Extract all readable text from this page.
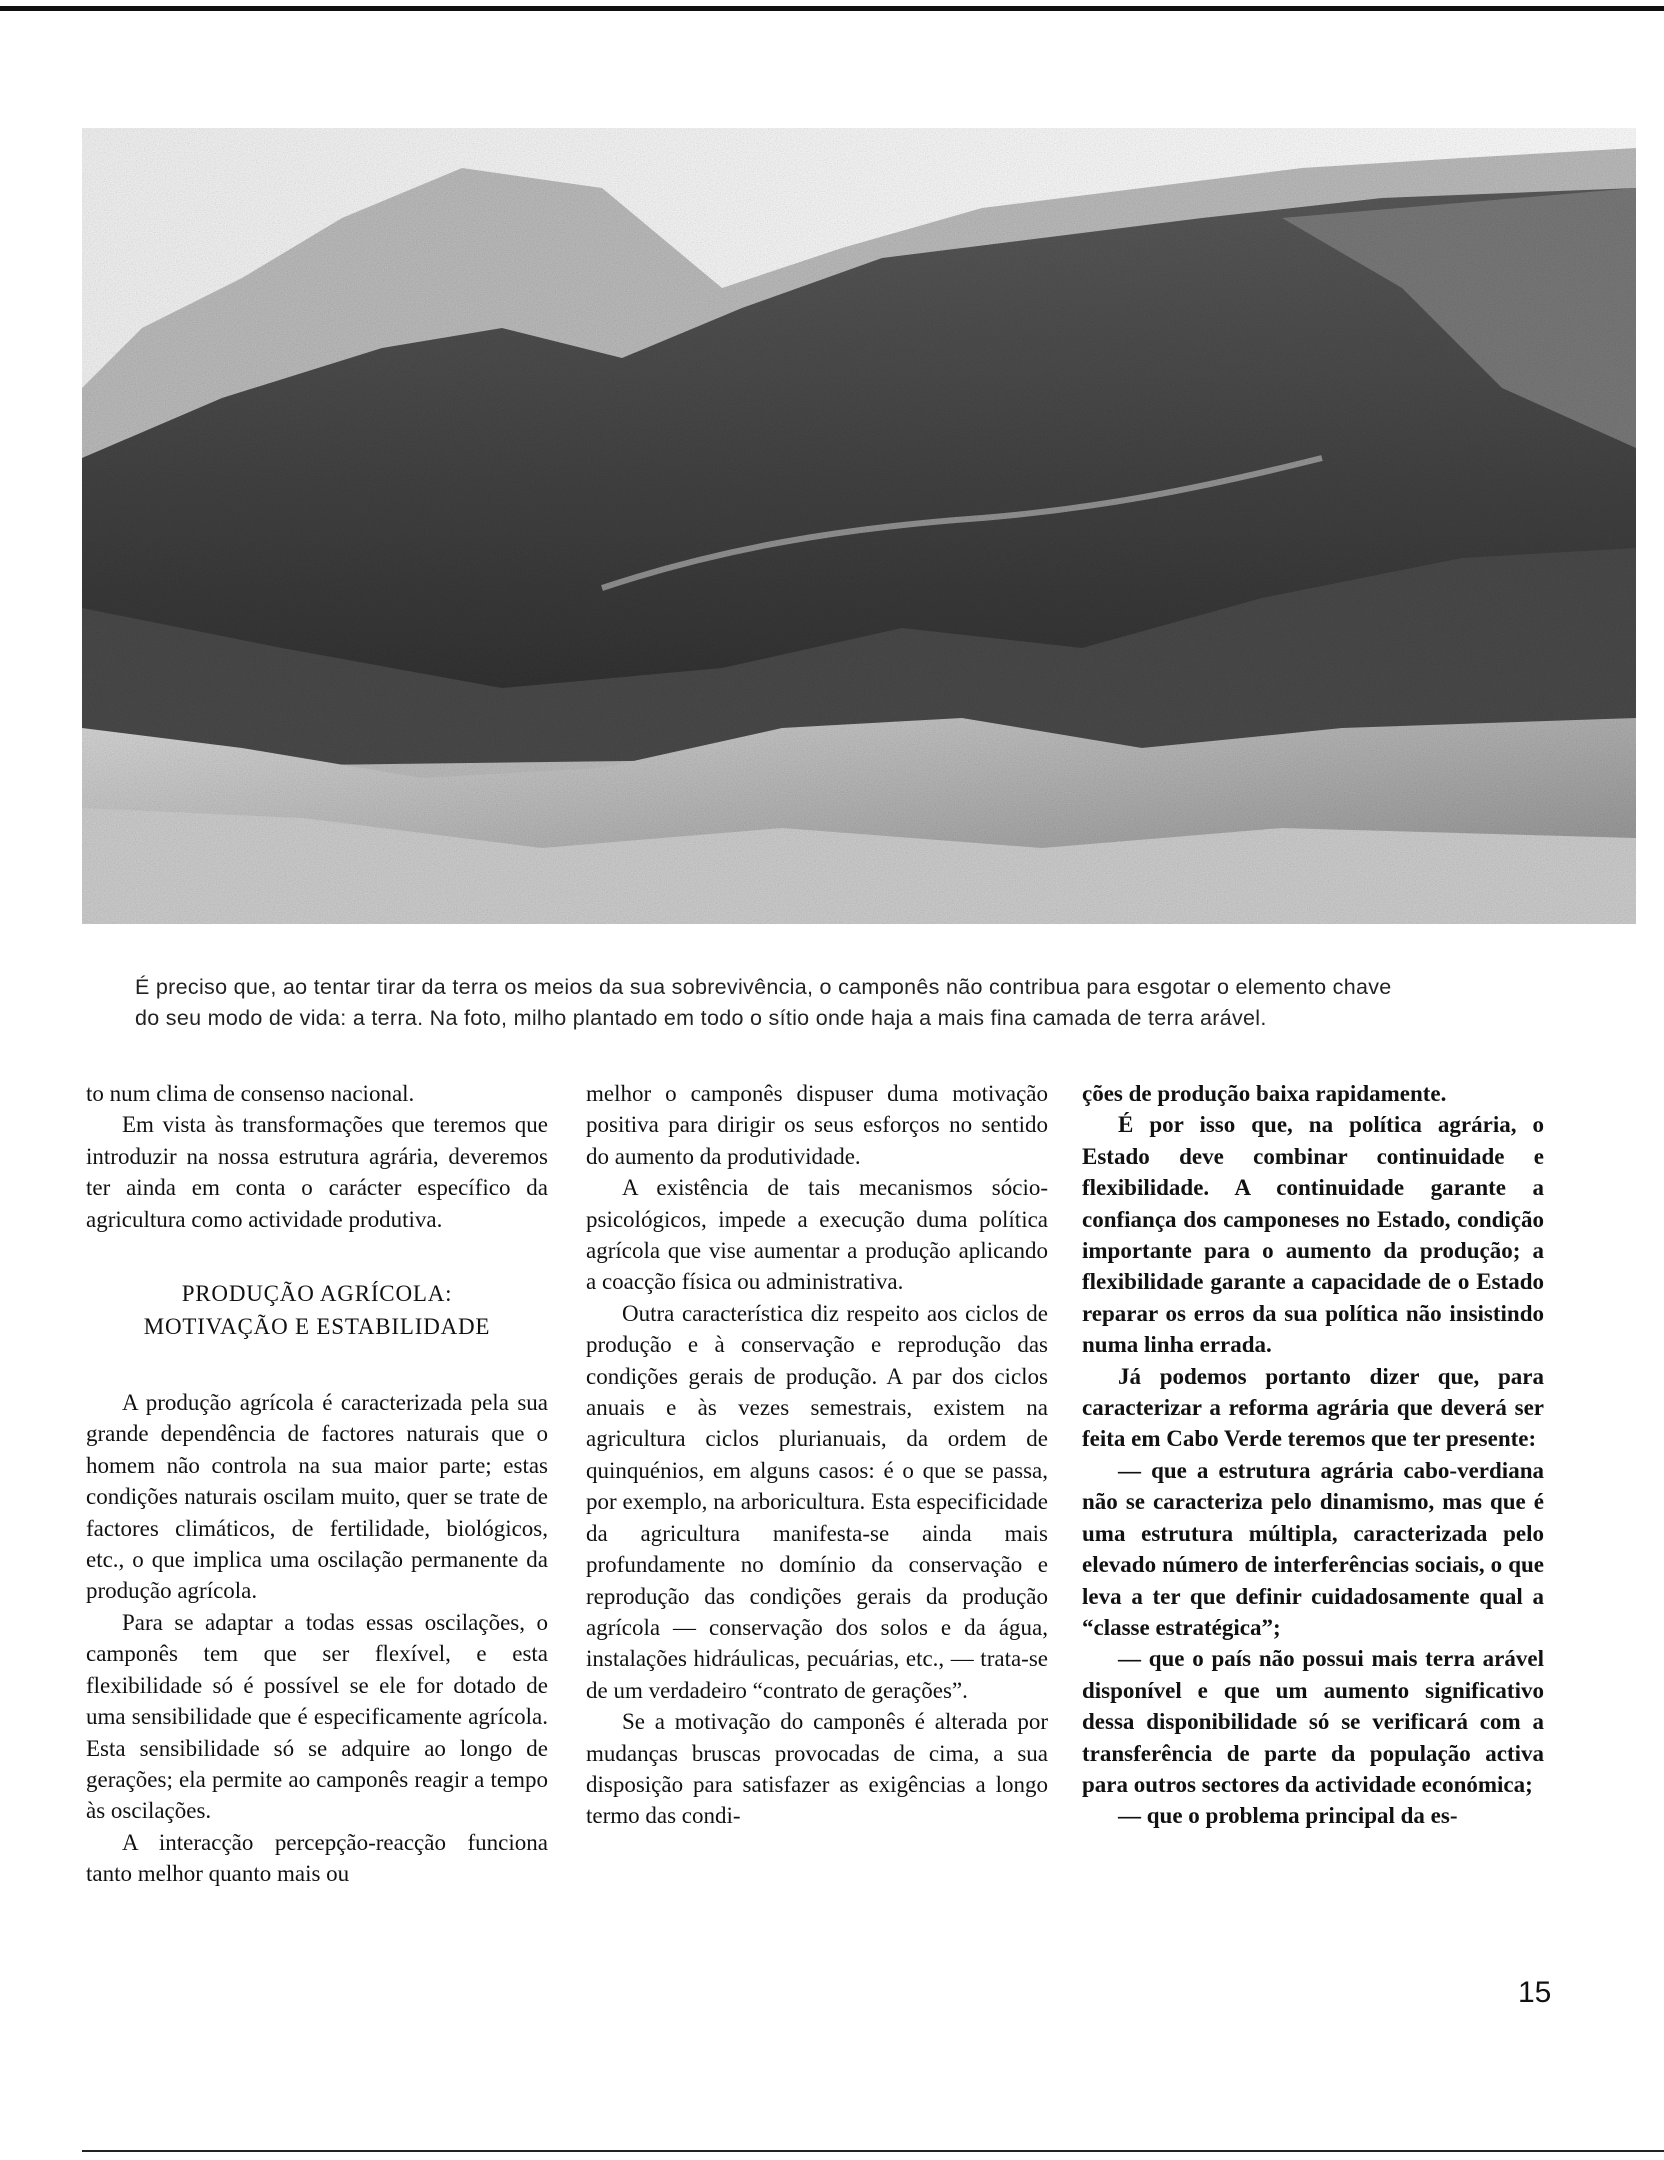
É preciso que, ao tentar tirar da terra os meios da sua sobrevivência, o camponês não contribua para esgotar o elemento chave

do seu modo de vida: a terra. Na foto, milho plantado em todo o sítio onde haja a mais fina camada de terra arável.

to num clima de consenso nacional.

Em vista às transformações que teremos que introduzir na nossa estrutura agrária, deveremos ter ainda em conta o carácter específico da agricultura como actividade produtiva.

PRODUÇÃO AGRÍCOLA:
MOTIVAÇÃO E ESTABILIDADE

A produção agrícola é caracterizada pela sua grande dependência de factores naturais que o homem não controla na sua maior parte; estas condições naturais oscilam muito, quer se trate de factores climáticos, de fertilidade, biológicos, etc., o que implica uma oscilação permanente da produção agrícola.

Para se adaptar a todas essas oscilações, o camponês tem que ser flexível, e esta flexibilidade só é possível se ele for dotado de uma sensibilidade que é especificamente agrícola. Esta sensibilidade só se adquire ao longo de gerações; ela permite ao camponês reagir a tempo às oscilações.

A interacção percepção-reacção funciona tanto melhor quanto mais ou

melhor o camponês dispuser duma motivação positiva para dirigir os seus esforços no sentido do aumento da produtividade.

A existência de tais mecanismos sócio-psicológicos, impede a execução duma política agrícola que vise aumentar a produção aplicando a coacção física ou administrativa.

Outra característica diz respeito aos ciclos de produção e à conservação e reprodução das condições gerais de produção. A par dos ciclos anuais e às vezes semestrais, existem na agricultura ciclos plurianuais, da ordem de quinquénios, em alguns casos: é o que se passa, por exemplo, na arboricultura. Esta especificidade da agricultura manifesta-se ainda mais profundamente no domínio da conservação e reprodução das condições gerais da produção agrícola — conservação dos solos e da água, instalações hidráulicas, pecuárias, etc., — trata-se de um verdadeiro “contrato de gerações”.

Se a motivação do camponês é alterada por mudanças bruscas provocadas de cima, a sua disposição para satisfazer as exigências a longo termo das condi-

ções de produção baixa rapidamente.

É por isso que, na política agrária, o Estado deve combinar continuidade e flexibilidade. A continuidade garante a confiança dos camponeses no Estado, condição importante para o aumento da produção; a flexibilidade garante a capacidade de o Estado reparar os erros da sua política não insistindo numa linha errada.

Já podemos portanto dizer que, para caracterizar a reforma agrária que deverá ser feita em Cabo Verde teremos que ter presente:

— que a estrutura agrária cabo-verdiana não se caracteriza pelo dinamismo, mas que é uma estrutura múltipla, caracterizada pelo elevado número de interferências sociais, o que leva a ter que definir cuidadosamente qual a “classe estratégica”;

— que o país não possui mais terra arável disponível e que um aumento significativo dessa disponibilidade só se verificará com a transferência de parte da população activa para outros sectores da actividade económica;

— que o problema principal da es-

15
